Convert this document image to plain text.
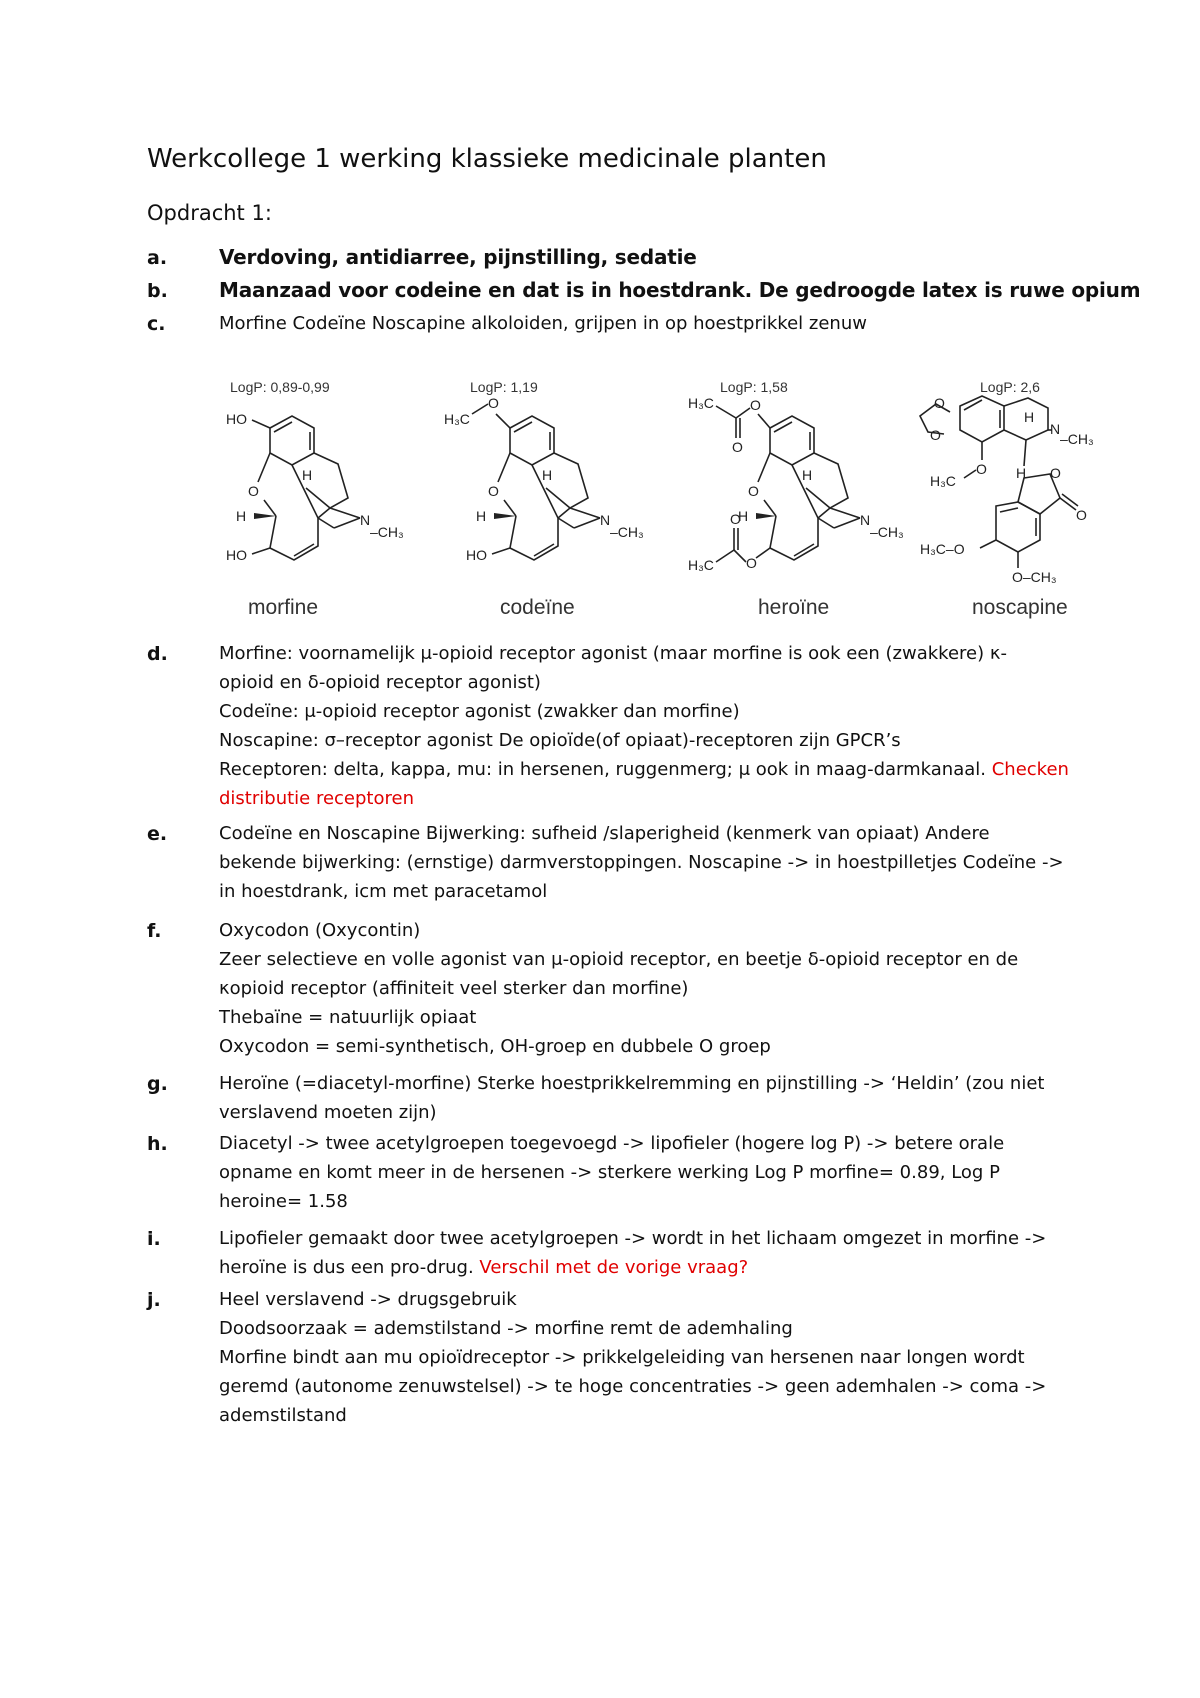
Werkcollege 1 werking klassieke medicinale planten
Opdracht 1:
a.	Verdoving, antidiarree, pijnstilling, sedatie
b.	Maanzaad voor codeine en dat is in hoestdrank. De gedroogde latex is ruwe opium
c.	Morfine Codeïne Noscapine alkoloiden, grijpen in op hoestprikkel zenuw
d.	Morfine: voornamelijk μ-opioid receptor agonist (maar morfine is ook een (zwakkere) κ-
opioid en δ-opioid receptor agonist)
Codeïne: μ-opioid receptor agonist (zwakker dan morfine)
Noscapine: σ–receptor agonist De opioïde(of opiaat)-receptoren zijn GPCR’s
Receptoren: delta, kappa, mu: in hersenen, ruggenmerg; μ ook in maag-darmkanaal. Checken
distributie receptoren
e.	Codeïne en Noscapine Bijwerking: sufheid /slaperigheid (kenmerk van opiaat) Andere
bekende bijwerking: (ernstige) darmverstoppingen. Noscapine -> in hoestpilletjes Codeïne ->
in hoestdrank, icm met paracetamol
f.	Oxycodon (Oxycontin)
Zeer selectieve en volle agonist van μ-opioid receptor, en beetje δ-opioid receptor en de
κopioid receptor (affiniteit veel sterker dan morfine)
Thebaïne = natuurlijk opiaat
Oxycodon = semi-synthetisch, OH-groep en dubbele O groep
g.	Heroïne (=diacetyl-morfine) Sterke hoestprikkelremming en pijnstilling -> ‘Heldin’ (zou niet
verslavend moeten zijn)
h.	Diacetyl -> twee acetylgroepen toegevoegd -> lipofieler (hogere log P) -> betere orale
opname en komt meer in de hersenen -> sterkere werking Log P morfine= 0.89, Log P
heroine= 1.58
i.	Lipofieler gemaakt door twee acetylgroepen -> wordt in het lichaam omgezet in morfine ->
heroïne is dus een pro-drug. Verschil met de vorige vraag?
j.	Heel verslavend -> drugsgebruik
Doodsoorzaak = ademstilstand -> morfine remt de ademhaling
Morfine bindt aan mu opioïdreceptor -> prikkelgeleiding van hersenen naar longen wordt
geremd (autonome zenuwstelsel) -> te hoge concentraties -> geen ademhalen -> coma ->
ademstilstand
LogP: 0,89-0,99
HO
O
H
HO
H
N
–CH₃
morfine
LogP: 1,19
O
H₃C
O
H
HO
H
N
–CH₃
codeïne
LogP: 1,58
O
O
H₃C
O
H
O
O
H₃C
H
N
–CH₃
heroïne
LogP: 2,6
O
O
H
N
–CH₃
O
H₃C	H O
O
H₃C–O
O–CH₃
noscapine
